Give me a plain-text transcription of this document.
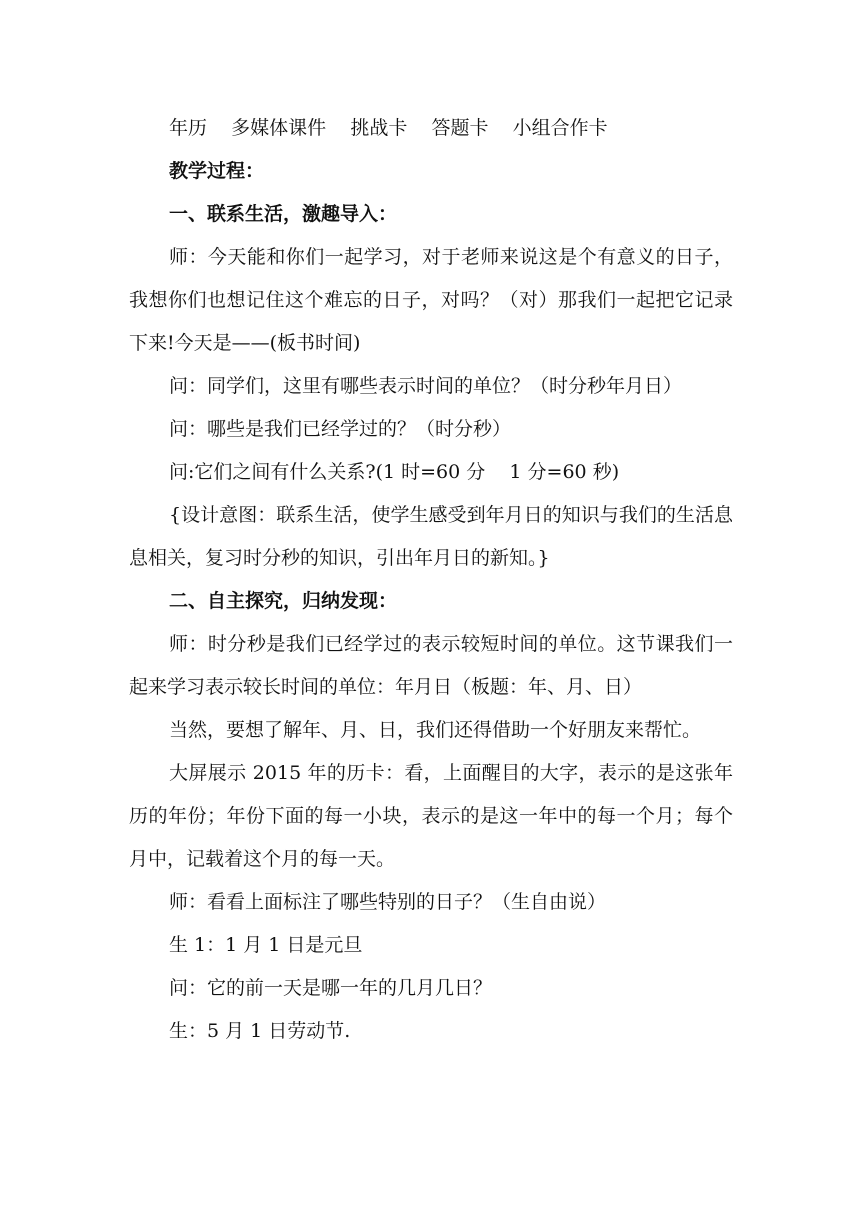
年历    多媒体课件    挑战卡    答题卡    小组合作卡

教学过程：

一、联系生活，激趣导入：

师：今天能和你们一起学习，对于老师来说这是个有意义的日子，我想你们也想记住这个难忘的日子，对吗？（对）那我们一起把它记录下来!今天是——(板书时间)

问：同学们，这里有哪些表示时间的单位？（时分秒年月日）

问：哪些是我们已经学过的？（时分秒）

问:它们之间有什么关系?(1 时=60 分    1 分=60 秒)

{设计意图：联系生活，使学生感受到年月日的知识与我们的生活息息相关，复习时分秒的知识，引出年月日的新知。}

二、自主探究，归纳发现：

师：时分秒是我们已经学过的表示较短时间的单位。这节课我们一起来学习表示较长时间的单位：年月日（板题：年、月、日）

当然，要想了解年、月、日，我们还得借助一个好朋友来帮忙。

大屏展示 2015 年的历卡：看，上面醒目的大字，表示的是这张年历的年份；年份下面的每一小块，表示的是这一年中的每一个月；每个月中，记载着这个月的每一天。

师：看看上面标注了哪些特别的日子？（生自由说）

生 1：1 月 1 日是元旦

问：它的前一天是哪一年的几月几日？

生：5 月 1 日劳动节.
